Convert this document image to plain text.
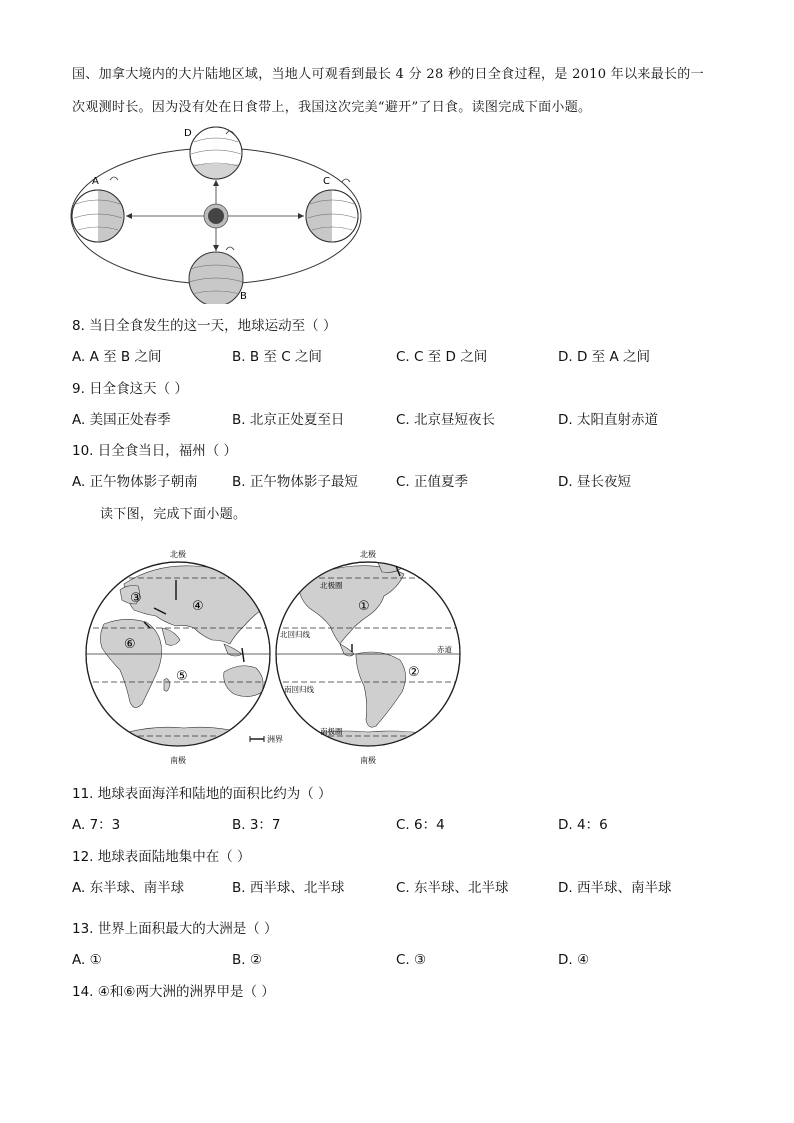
国、加拿大境内的大片陆地区域，当地人可观看到最长 4 分 28 秒的日全食过程，是 2010 年以来最长的一
次观测时长。因为没有处在日食带上，我国这次完美“避开”了日食。读图完成下面小题。
A
B
C
D
8. 当日全食发生的这一天，地球运动至（ ）
A. A 至 B 之间	B. B 至 C 之间	C. C 至 D 之间	D. D 至 A 之间
9. 日全食这天（ ）
A. 美国正处春季	B. 北京正处夏至日	C. 北京昼短夜长	D. 太阳直射赤道
10. 日全食当日，福州（ ）
A. 正午物体影子朝南	B. 正午物体影子最短	C. 正值夏季	D. 昼长夜短
读下图，完成下面小题。
北极
南极
北极
南极
北极圈
北回归线
赤道
南回归线
南极圈
③
④
⑥
⑤
①
②
洲界
11. 地球表面海洋和陆地的面积比约为（ ）
A. 7：3	B. 3：7	C. 6：4	D. 4：6
12. 地球表面陆地集中在（ ）
A. 东半球、南半球	B. 西半球、北半球	C. 东半球、北半球	D. 西半球、南半球
13. 世界上面积最大的大洲是（ ）
A. ①	B. ②	C. ③	D. ④
14. ④和⑥两大洲的洲界甲是（ ）
